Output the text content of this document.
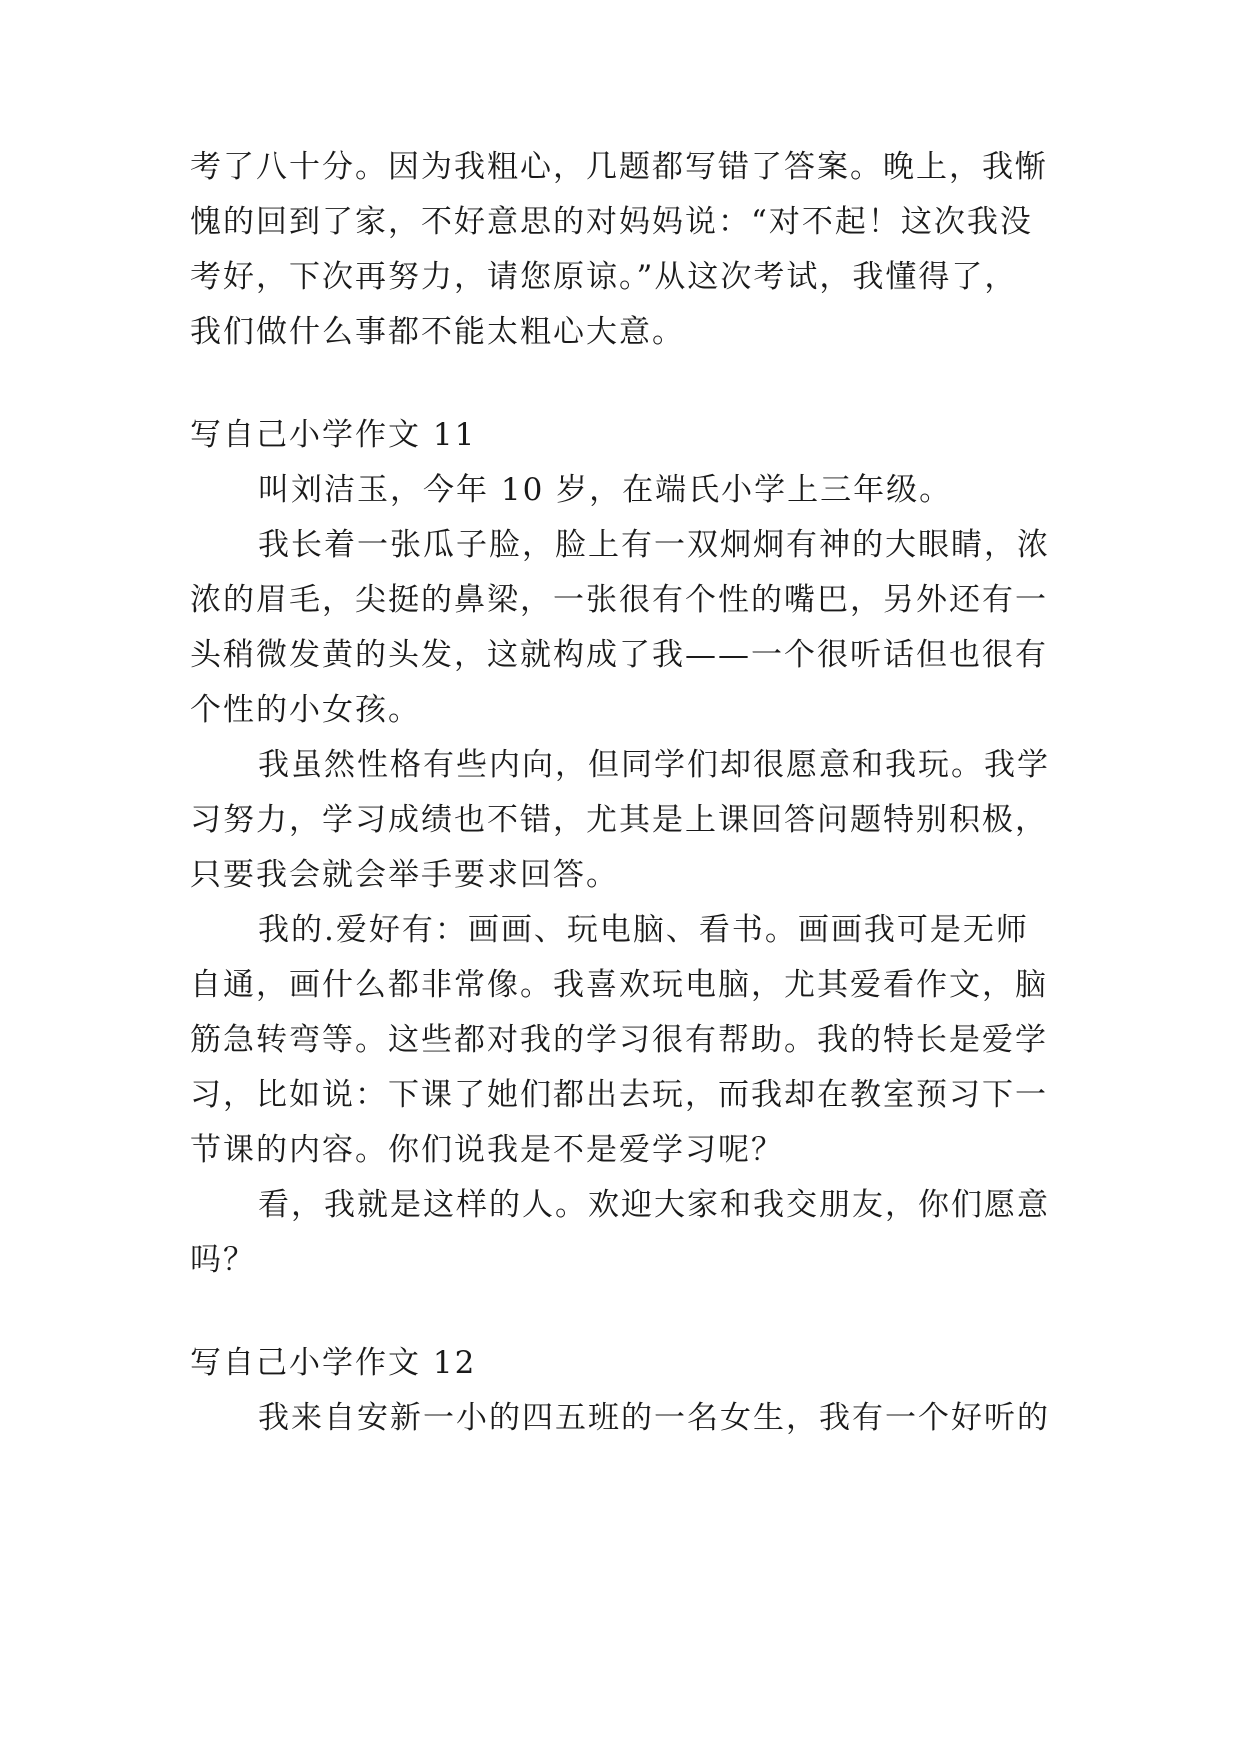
考了八十分。因为我粗心，几题都写错了答案。晚上，我惭
愧的回到了家，不好意思的对妈妈说：“对不起！这次我没
考好，下次再努力，请您原谅。”从这次考试，我懂得了，
我们做什么事都不能太粗心大意。
写自己小学作文 11
叫刘洁玉，今年 10 岁，在端氏小学上三年级。
我长着一张瓜子脸，脸上有一双炯炯有神的大眼睛，浓
浓的眉毛，尖挺的鼻梁，一张很有个性的嘴巴，另外还有一
头稍微发黄的头发，这就构成了我——一个很听话但也很有
个性的小女孩。
我虽然性格有些内向，但同学们却很愿意和我玩。我学
习努力，学习成绩也不错，尤其是上课回答问题特别积极，
只要我会就会举手要求回答。
我的.爱好有：画画、玩电脑、看书。画画我可是无师
自通，画什么都非常像。我喜欢玩电脑，尤其爱看作文，脑
筋急转弯等。这些都对我的学习很有帮助。我的特长是爱学
习，比如说：下课了她们都出去玩，而我却在教室预习下一
节课的内容。你们说我是不是爱学习呢？
看，我就是这样的人。欢迎大家和我交朋友，你们愿意
吗？
写自己小学作文 12
我来自安新一小的四五班的一名女生，我有一个好听的
